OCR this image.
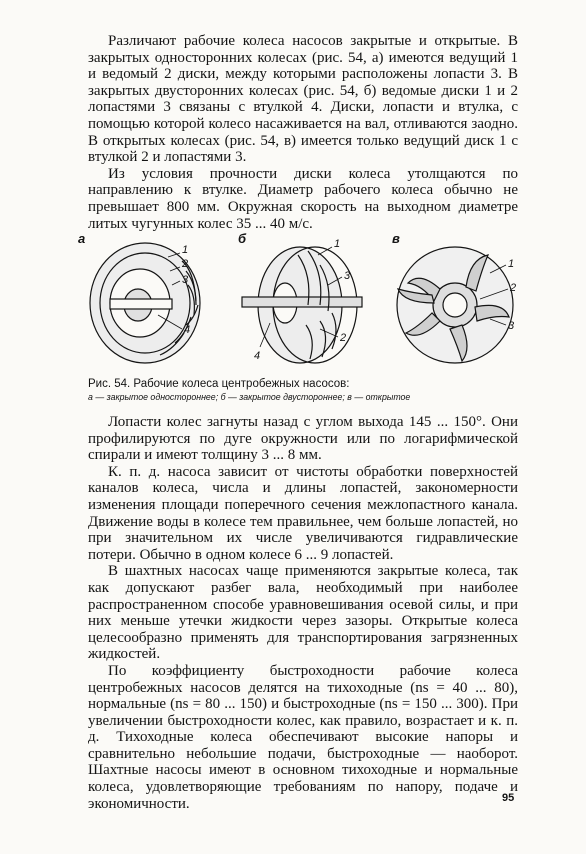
Различают рабочие колеса насосов закрытые и открытые. В закрытых односторонних колесах (рис. 54, а) имеются ведущий 1 и ведомый 2 диски, между которыми расположены лопасти 3. В закрытых двусторонних колесах (рис. 54, б) ведомые диски 1 и 2 лопастями 3 связаны с втулкой 4. Диски, лопасти и втулка, с помощью которой колесо насаживается на вал, отливаются заодно. В открытых колесах (рис. 54, в) имеется только ведущий диск 1 с втулкой 2 и лопастями 3.

Из условия прочности диски колеса утолщаются по направлению к втулке. Диаметр рабочего колеса обычно не превышает 800 мм. Окружная скорость на выходном диаметре литых чугунных колес 35 ... 40 м/с.

а	б	в
1
2
3
4
1
3
2
4
1
2
3

Рис. 54. Рабочие колеса центробежных насосов:

а — закрытое одностороннее; б — закрытое двустороннее; в — открытое

Лопасти колес загнуты назад с углом выхода 145 ... 150°. Они профилируются по дуге окружности или по логарифмической спирали и имеют толщину 3 ... 8 мм.

К. п. д. насоса зависит от чистоты обработки поверхностей каналов колеса, числа и длины лопастей, закономерности изменения площади поперечного сечения межлопастного канала. Движение воды в колесе тем правильнее, чем больше лопастей, но при значительном их числе увеличиваются гидравлические потери. Обычно в одном колесе 6 ... 9 лопастей.

В шахтных насосах чаще применяются закрытые колеса, так как допускают разбег вала, необходимый при наиболее распространенном способе уравновешивания осевой силы, и при них меньше утечки жидкости через зазоры. Открытые колеса целесообразно применять для транспортирования загрязненных жидкостей.

По коэффициенту быстроходности рабочие колеса центробежных насосов делятся на тихоходные (ns = 40 ... 80), нормальные (ns = 80 ... 150) и быстроходные (ns = 150 ... 300). При увеличении быстроходности колес, как правило, возрастает и к. п. д. Тихоходные колеса обеспечивают высокие напоры и сравнительно небольшие подачи, быстроходные — наоборот. Шахтные насосы имеют в основном тихоходные и нормальные колеса, удовлетворяющие требованиям по напору, подаче и экономичности.	95
